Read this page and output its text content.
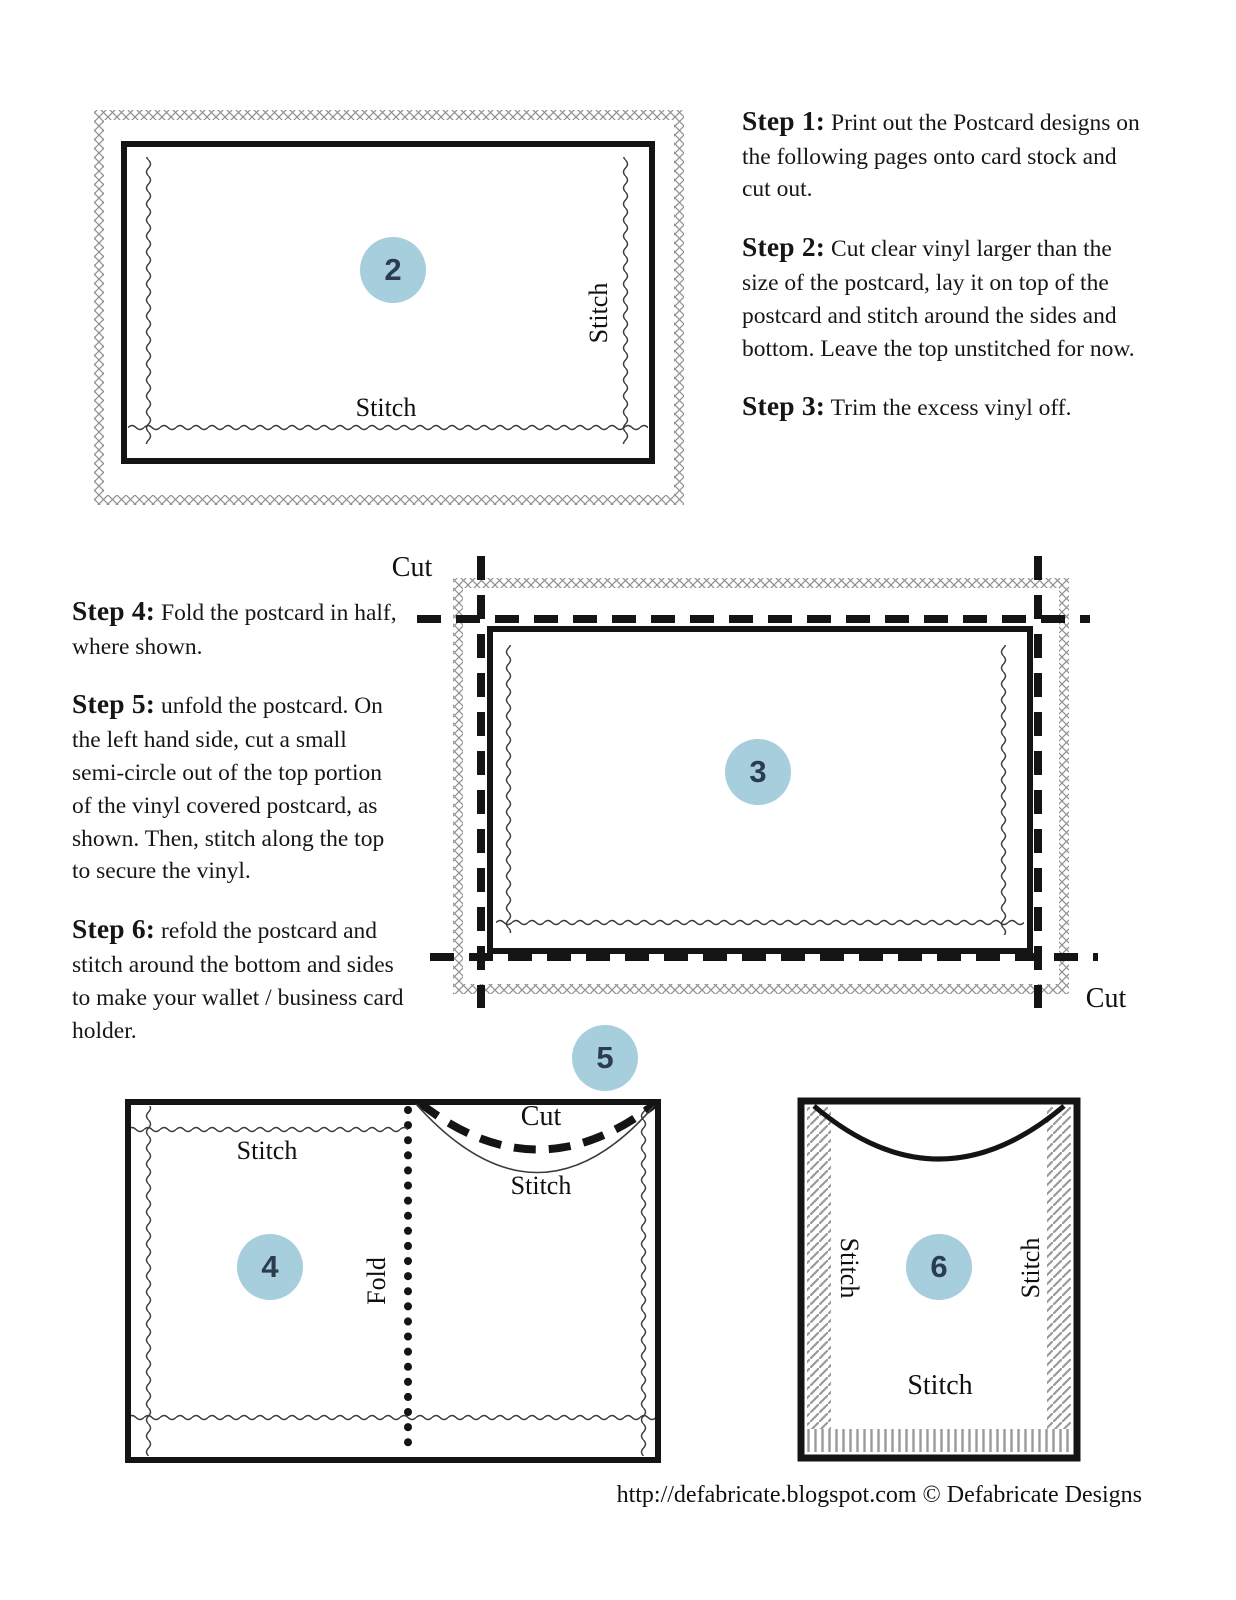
Step 1: Print out the Postcard designs on the following pages onto card stock and cut out.

Step 2: Cut clear vinyl larger than the size of the postcard, lay it on top of the postcard and stitch around the sides and bottom. Leave the top unstitched for now.

Step 3: Trim the excess vinyl off.

Step 4: Fold the postcard in half, where shown.

Step 5: unfold the postcard. On the left hand side, cut a small semi-circle out of the top portion of the vinyl covered postcard, as shown. Then, stitch along the top to secure the vinyl.

Step 6: refold the postcard and stitch around the bottom and sides to make your wallet / business card holder.

Stitch
Stitch
Cut
Cut
Stitch
Cut
Stitch
Fold	Stitch	Stitch
Stitch
2
3
4
5
6
http://defabricate.blogspot.com © Defabricate Designs
